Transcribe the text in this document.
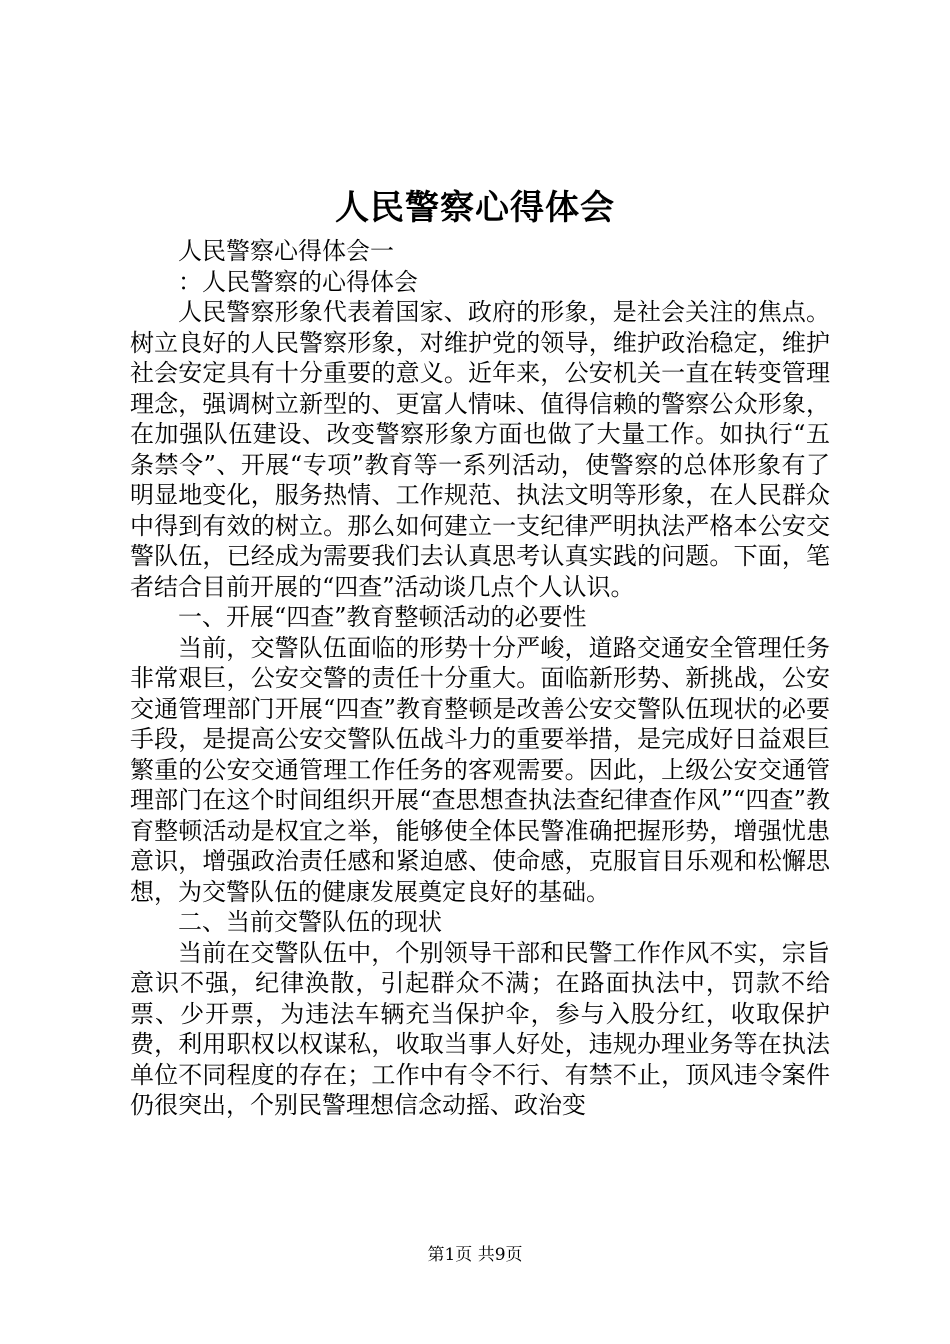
人民警察心得体会

人民警察心得体会一

：人民警察的心得体会

人民警察形象代表着国家、政府的形象，是社会关注的焦点。树立良好的人民警察形象，对维护党的领导，维护政治稳定，维护社会安定具有十分重要的意义。近年来，公安机关一直在转变管理理念，强调树立新型的、更富人情味、值得信赖的警察公众形象，在加强队伍建设、改变警察形象方面也做了大量工作。如执行“五条禁令”、开展“专项”教育等一系列活动，使警察的总体形象有了明显地变化，服务热情、工作规范、执法文明等形象，在人民群众中得到有效的树立。那么如何建立一支纪律严明执法严格本公安交警队伍，已经成为需要我们去认真思考认真实践的问题。下面，笔者结合目前开展的“四查”活动谈几点个人认识。

一、开展“四查”教育整顿活动的必要性

当前，交警队伍面临的形势十分严峻，道路交通安全管理任务非常艰巨，公安交警的责任十分重大。面临新形势、新挑战，公安交通管理部门开展“四查”教育整顿是改善公安交警队伍现状的必要手段，是提高公安交警队伍战斗力的重要举措，是完成好日益艰巨繁重的公安交通管理工作任务的客观需要。因此，上级公安交通管理部门在这个时间组织开展“查思想查执法查纪律查作风”“四查”教育整顿活动是权宜之举，能够使全体民警准确把握形势，增强忧患意识，增强政治责任感和紧迫感、使命感，克服盲目乐观和松懈思想，为交警队伍的健康发展奠定良好的基础。

二、当前交警队伍的现状

当前在交警队伍中，个别领导干部和民警工作作风不实，宗旨意识不强，纪律涣散，引起群众不满；在路面执法中，罚款不给票、少开票，为违法车辆充当保护伞，参与入股分红，收取保护费，利用职权以权谋私，收取当事人好处，违规办理业务等在执法单位不同程度的存在；工作中有令不行、有禁不止，顶风违令案件仍很突出，个别民警理想信念动摇、政治变

第1页 共9页
